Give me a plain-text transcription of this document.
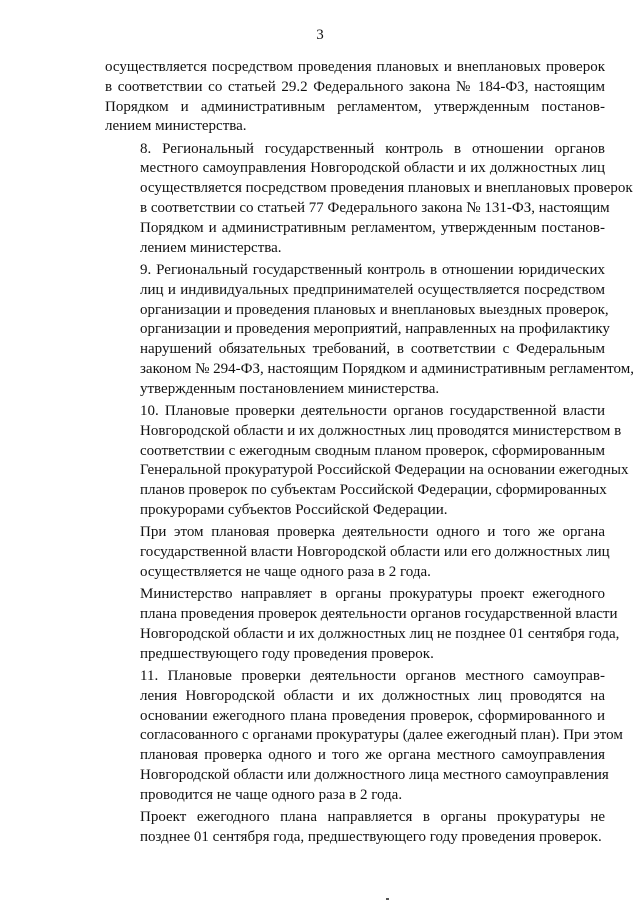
3

осуществляется посредством проведения плановых и внеплановых проверок
в соответствии со статьей 29.2 Федерального закона № 184-ФЗ, настоящим
Порядком и административным регламентом, утвержденным постанов-
лением министерства.

8. Региональный государственный контроль в отношении органов
местного самоуправления Новгородской области и их должностных лиц
осуществляется посредством проведения плановых и внеплановых проверок
в соответствии со статьей 77 Федерального закона № 131-ФЗ, настоящим
Порядком и административным регламентом, утвержденным постанов-
лением министерства.

9. Региональный государственный контроль в отношении юридических
лиц и индивидуальных предпринимателей осуществляется посредством
организации и проведения плановых и внеплановых выездных проверок,
организации и проведения мероприятий, направленных на профилактику
нарушений обязательных требований, в соответствии с Федеральным
законом № 294-ФЗ, настоящим Порядком и административным регламентом,
утвержденным постановлением министерства.

10. Плановые проверки деятельности органов государственной власти
Новгородской области и их должностных лиц проводятся министерством в
соответствии с ежегодным сводным планом проверок, сформированным
Генеральной прокуратурой Российской Федерации на основании ежегодных
планов проверок по субъектам Российской Федерации, сформированных
прокурорами субъектов Российской Федерации.

При этом плановая проверка деятельности одного и того же органа
государственной власти Новгородской области или его должностных лиц
осуществляется не чаще одного раза в 2 года.

Министерство направляет в органы прокуратуры проект ежегодного
плана проведения проверок деятельности органов государственной власти
Новгородской области и их должностных лиц не позднее 01 сентября года,
предшествующего году проведения проверок.

11. Плановые проверки деятельности органов местного самоуправ-
ления Новгородской области и их должностных лиц проводятся на
основании ежегодного плана проведения проверок, сформированного и
согласованного с органами прокуратуры (далее ежегодный план). При этом
плановая проверка одного и того же органа местного самоуправления
Новгородской области или должностного лица местного самоуправления
проводится не чаще одного раза в 2 года.

Проект ежегодного плана направляется в органы прокуратуры не
позднее 01 сентября года, предшествующего году проведения проверок.
